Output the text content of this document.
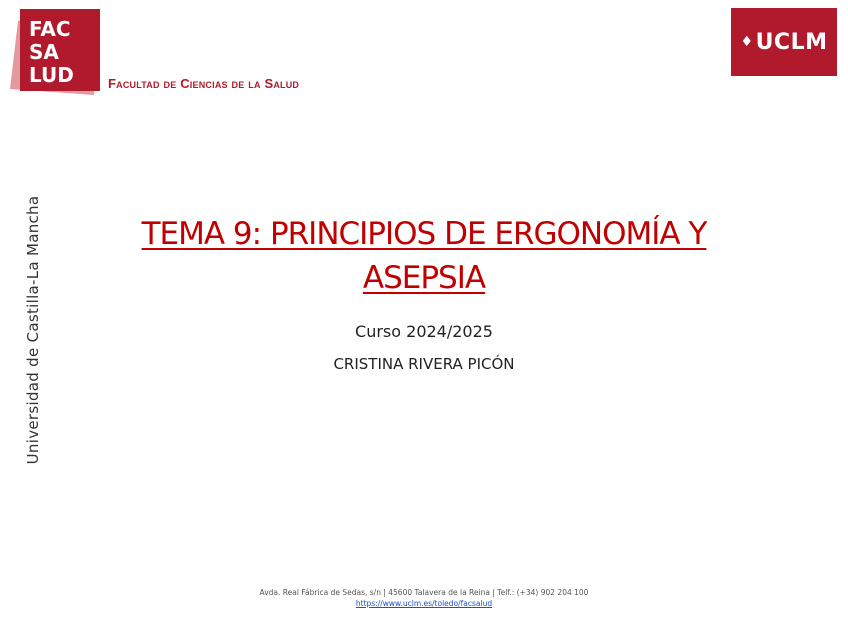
FAC
SA
LUD	Facultad de Ciencias de la Salud
♦ UCLM
Universidad de Castilla-La Mancha	TEMA 9: PRINCIPIOS DE ERGONOMÍA Y
ASEPSIA
Curso 2024/2025
CRISTINA RIVERA PICÓN
Avda. Real Fábrica de Sedas, s/n | 45600 Talavera de la Reina | Telf.: (+34) 902 204 100
https://www.uclm.es/toledo/facsalud
